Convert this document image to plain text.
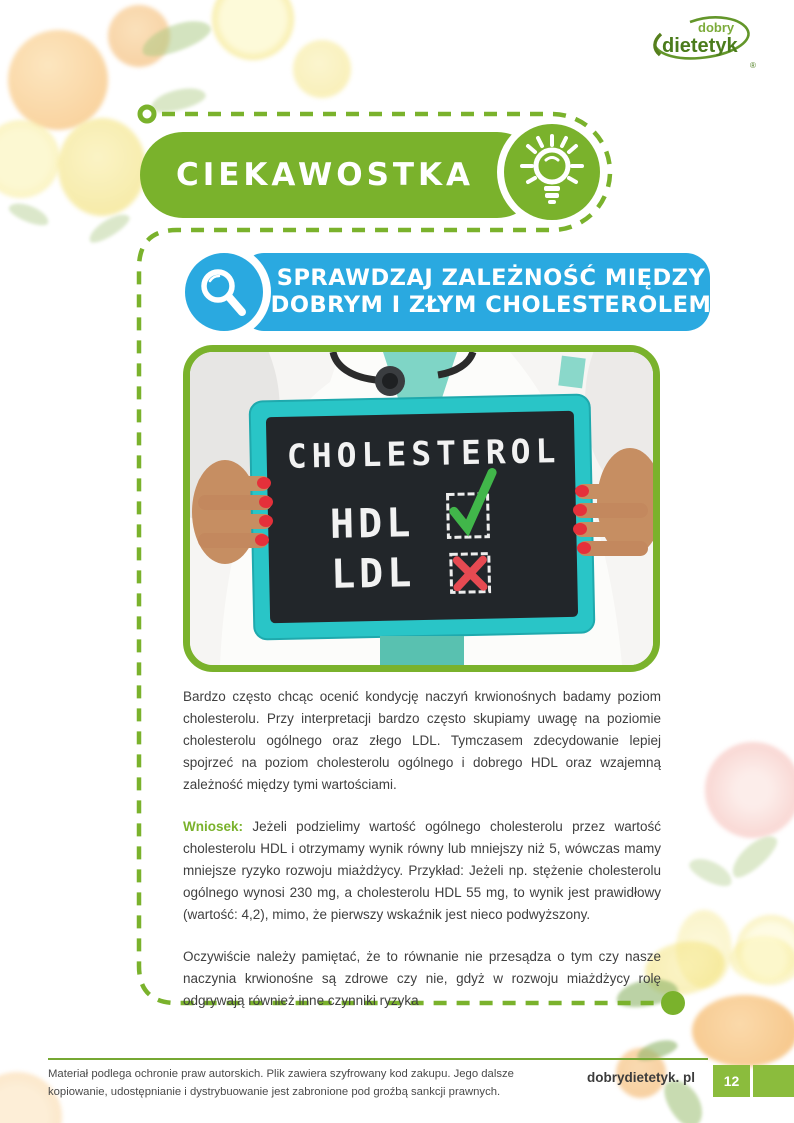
dobry
dietetyk
®
CIEKAWOSTKA
SPRAWDZAJ ZALEŻNOŚĆ MIĘDZY
DOBRYM I ZŁYM CHOLESTEROLEM
CHOLESTEROL
HDL
LDL

Bardzo często chcąc ocenić kondycję naczyń krwionośnych badamy poziom cholesterolu. Przy interpretacji bardzo często skupiamy uwagę na poziomie cholesterolu ogólnego oraz złego LDL. Tymczasem zdecydowanie lepiej spojrzeć na poziom cholesterolu ogólnego i dobrego HDL oraz wzajemną zależność między tymi wartościami.

Wniosek: Jeżeli podzielimy wartość ogólnego cholesterolu przez wartość cholesterolu HDL i otrzymamy wynik równy lub mniejszy niż 5, wówczas mamy mniejsze ryzyko rozwoju miażdżycy. Przykład: Jeżeli np. stężenie cholesterolu ogólnego wynosi 230 mg, a cholesterolu HDL 55 mg, to wynik jest prawidłowy (wartość: 4,2), mimo, że pierwszy wskaźnik jest nieco podwyższony.

Oczywiście należy pamiętać, że to równanie nie przesądza o tym czy nasze naczynia krwionośne są zdrowe czy nie, gdyż w rozwoju miażdżycy rolę odgrywają również inne czynniki ryzyka

Materiał podlega ochronie praw autorskich. Plik zawiera szyfrowany kod zakupu. Jego dalsze
kopiowanie, udostępnianie i dystrybuowanie jest zabronione pod groźbą sankcji prawnych.
dobrydietetyk. pl 12
